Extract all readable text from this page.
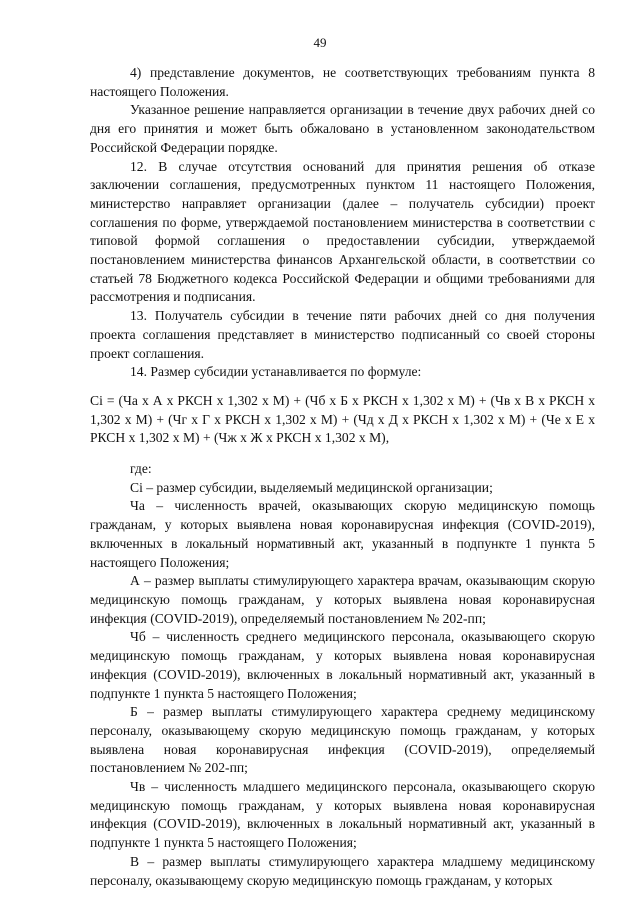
49

4) представление документов, не соответствующих требованиям пункта 8 настоящего Положения.

Указанное решение направляется организации в течение двух рабочих дней со дня его принятия и может быть обжаловано в установленном законодательством Российской Федерации порядке.

12. В случае отсутствия оснований для принятия решения об отказе заключении соглашения, предусмотренных пунктом 11 настоящего Положения, министерство направляет организации (далее – получатель субсидии) проект соглашения по форме, утверждаемой постановлением министерства в соответствии с типовой формой соглашения о предоставлении субсидии, утверждаемой постановлением министерства финансов Архангельской области, в соответствии со статьей 78 Бюджетного кодекса Российской Федерации и общими требованиями для рассмотрения и подписания.

13. Получатель субсидии в течение пяти рабочих дней со дня получения проекта соглашения представляет в министерство подписанный со своей стороны проект соглашения.

14. Размер субсидии устанавливается по формуле:

Ci = (Ча х А х РКСН х 1,302 х М) + (Чб х Б х РКСН х 1,302 х М) + (Чв х В х РКСН х 1,302 х М) + (Чг х Г х РКСН х 1,302 х М) + (Чд х Д х РКСН х 1,302 х М) + (Че х Е х РКСН х 1,302 х М) + (Чж х Ж х РКСН х 1,302 х М),

где:

Ci – размер субсидии, выделяемый медицинской организации;

Ча – численность врачей, оказывающих скорую медицинскую помощь гражданам, у которых выявлена новая коронавирусная инфекция (COVID-2019), включенных в локальный нормативный акт, указанный в подпункте 1 пункта 5 настоящего Положения;

А – размер выплаты стимулирующего характера врачам, оказывающим скорую медицинскую помощь гражданам, у которых выявлена новая коронавирусная инфекция (COVID-2019), определяемый постановлением № 202-пп;

Чб – численность среднего медицинского персонала, оказывающего скорую медицинскую помощь гражданам, у которых выявлена новая коронавирусная инфекция (COVID-2019), включенных в локальный нормативный акт, указанный в подпункте 1 пункта 5 настоящего Положения;

Б – размер выплаты стимулирующего характера среднему медицинскому персоналу, оказывающему скорую медицинскую помощь гражданам, у которых выявлена новая коронавирусная инфекция (COVID-2019), определяемый постановлением № 202-пп;

Чв – численность младшего медицинского персонала, оказывающего скорую медицинскую помощь гражданам, у которых выявлена новая коронавирусная инфекция (COVID-2019), включенных в локальный нормативный акт, указанный в подпункте 1 пункта 5 настоящего Положения;

В – размер выплаты стимулирующего характера младшему медицинскому персоналу, оказывающему скорую медицинскую помощь гражданам, у которых
